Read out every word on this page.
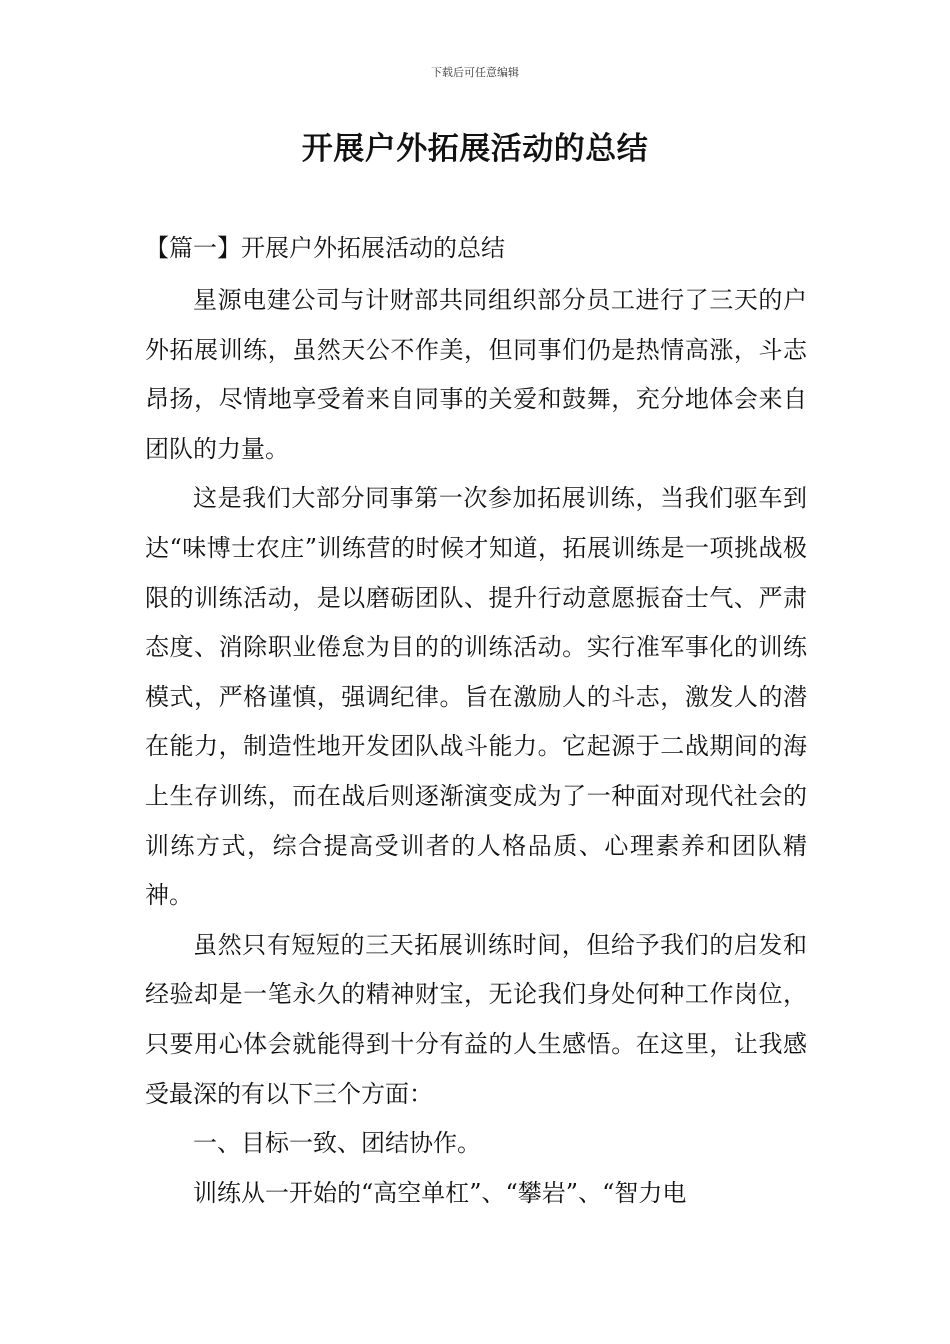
下载后可任意编辑
开展户外拓展活动的总结
【篇一】开展户外拓展活动的总结

星源电建公司与计财部共同组织部分员工进行了三天的户外拓展训练，虽然天公不作美，但同事们仍是热情高涨，斗志昂扬，尽情地享受着来自同事的关爱和鼓舞，充分地体会来自团队的力量。

这是我们大部分同事第一次参加拓展训练，当我们驱车到达“味博士农庄”训练营的时候才知道，拓展训练是一项挑战极限的训练活动，是以磨砺团队、提升行动意愿振奋士气、严肃态度、消除职业倦怠为目的的训练活动。实行准军事化的训练模式，严格谨慎，强调纪律。旨在激励人的斗志，激发人的潜在能力，制造性地开发团队战斗能力。它起源于二战期间的海上生存训练，而在战后则逐渐演变成为了一种面对现代社会的训练方式，综合提高受训者的人格品质、心理素养和团队精神。

虽然只有短短的三天拓展训练时间，但给予我们的启发和经验却是一笔永久的精神财宝，无论我们身处何种工作岗位，只要用心体会就能得到十分有益的人生感悟。在这里，让我感受最深的有以下三个方面：

一、目标一致、团结协作。

训练从一开始的“高空单杠”、“攀岩”、“智力电
